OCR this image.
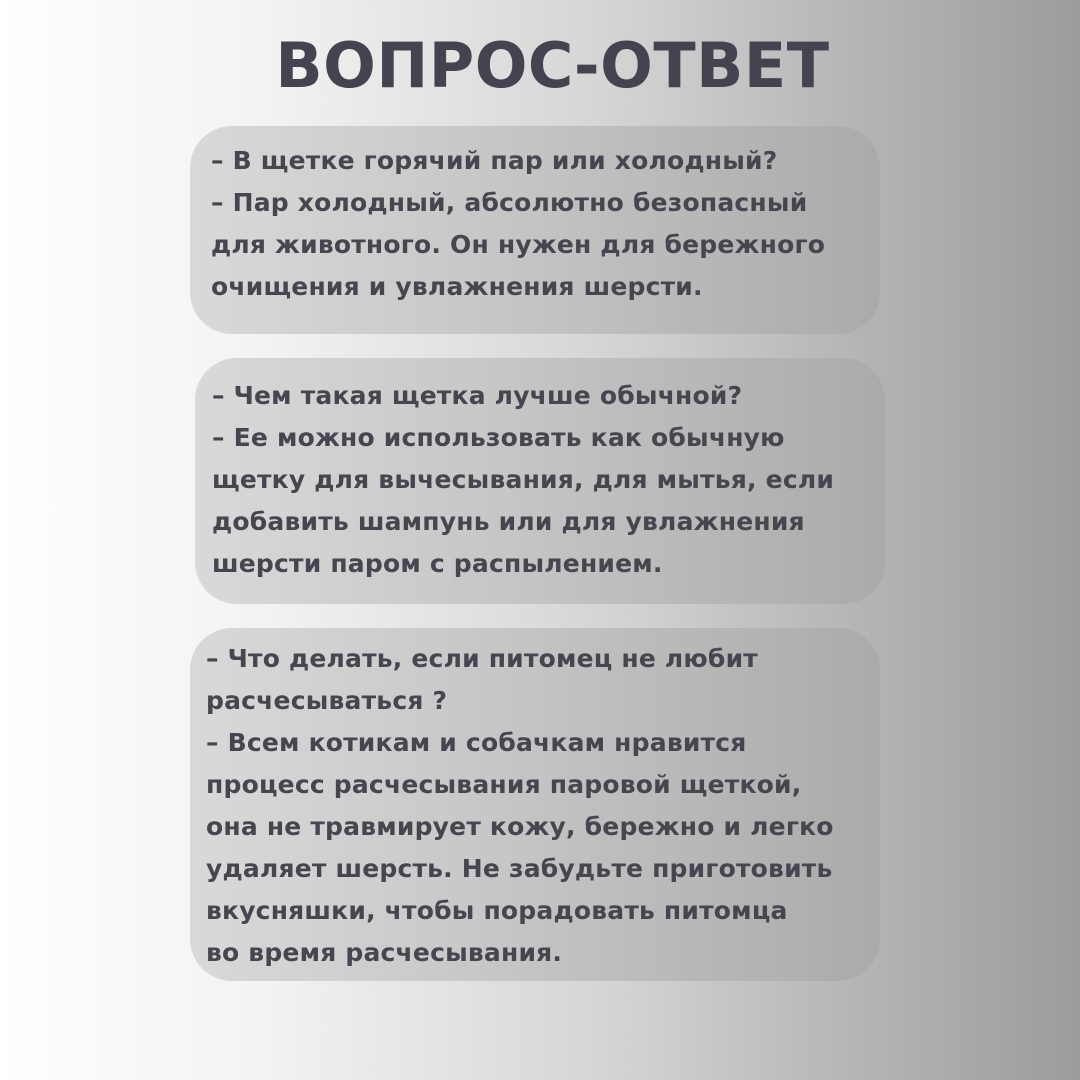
ВОПРОС-ОТВЕТ
– В щетке горячий пар или холодный?
– Пар холодный, абсолютно безопасный
для животного. Он нужен для бережного
очищения и увлажнения шерсти.
– Чем такая щетка лучше обычной?
– Ее можно использовать как обычную
щетку для вычесывания, для мытья, если
добавить шампунь или для увлажнения
шерсти паром с распылением.
– Что делать, если питомец не любит
расчесываться ?
– Всем котикам и собачкам нравится
процесс расчесывания паровой щеткой,
она не травмирует кожу, бережно и легко
удаляет шерсть. Не забудьте приготовить
вкусняшки, чтобы порадовать питомца
во время расчесывания.
